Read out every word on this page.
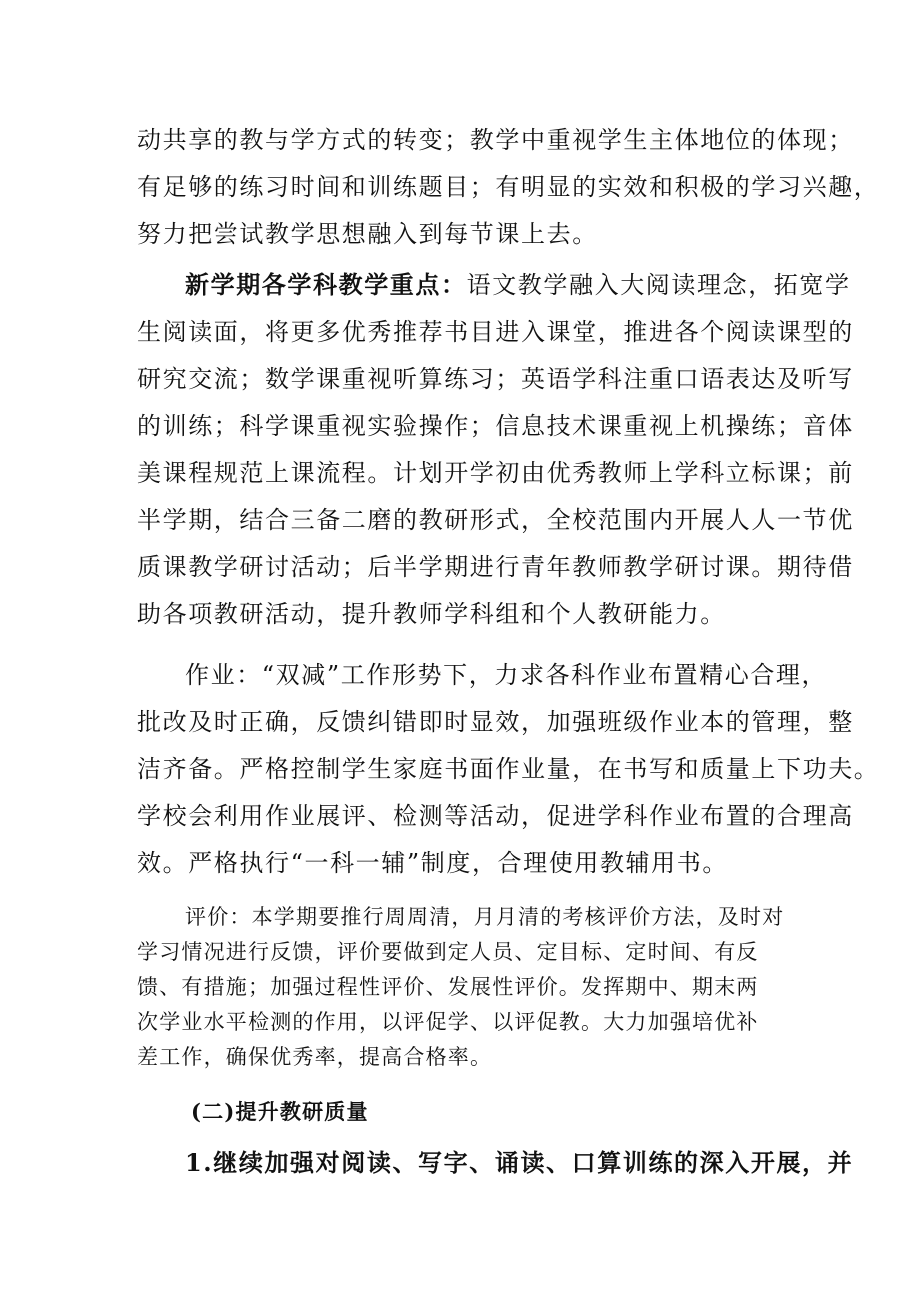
动共享的教与学方式的转变；教学中重视学生主体地位的体现；
有足够的练习时间和训练题目；有明显的实效和积极的学习兴趣，
努力把尝试教学思想融入到每节课上去。
新学期各学科教学重点：语文教学融入大阅读理念，拓宽学
生阅读面，将更多优秀推荐书目进入课堂，推进各个阅读课型的
研究交流；数学课重视听算练习；英语学科注重口语表达及听写
的训练；科学课重视实验操作；信息技术课重视上机操练；音体
美课程规范上课流程。计划开学初由优秀教师上学科立标课；前
半学期，结合三备二磨的教研形式，全校范围内开展人人一节优
质课教学研讨活动；后半学期进行青年教师教学研讨课。期待借
助各项教研活动，提升教师学科组和个人教研能力。
作业：“双减”工作形势下，力求各科作业布置精心合理，
批改及时正确，反馈纠错即时显效，加强班级作业本的管理，整
洁齐备。严格控制学生家庭书面作业量，在书写和质量上下功夫。
学校会利用作业展评、检测等活动，促进学科作业布置的合理高
效。严格执行“一科一辅”制度，合理使用教辅用书。
评价：本学期要推行周周清，月月清的考核评价方法，及时对
学习情况进行反馈，评价要做到定人员、定目标、定时间、有反
馈、有措施；加强过程性评价、发展性评价。发挥期中、期末两
次学业水平检测的作用，以评促学、以评促教。大力加强培优补
差工作，确保优秀率，提高合格率。
(二)提升教研质量
1.继续加强对阅读、写字、诵读、口算训练的深入开展，并
